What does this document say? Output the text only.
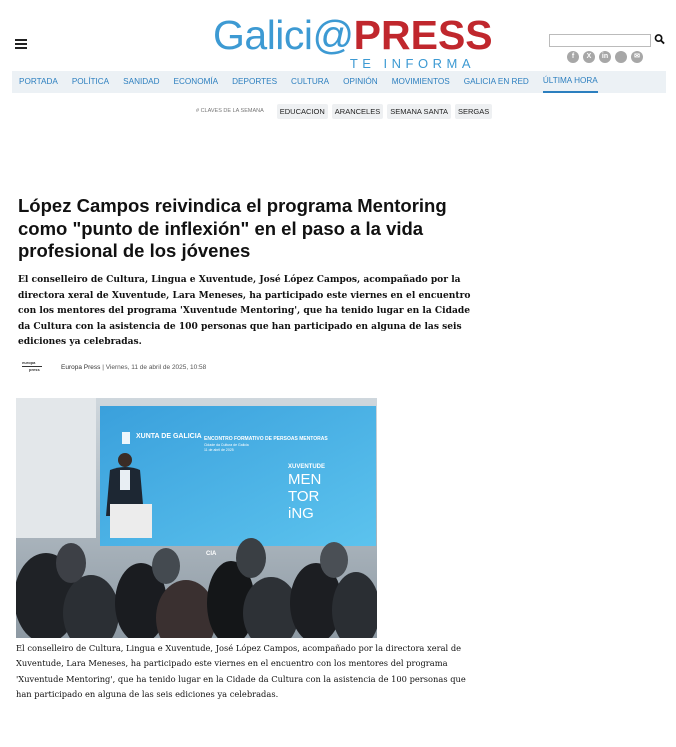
Galici@PRESS
TE INFORMA	f	X	in	✉
PORTADA POLÍTICA SANIDAD ECONOMÍA DEPORTES CULTURA OPINIÓN MOVIMIENTOS GALICIA EN RED ÚLTIMA HORA
# CLAVES DE LA SEMANA	EDUCACION	ARANCELES	SEMANA SANTA	SERGAS
López Campos reivindica el programa Mentoring como "punto de inflexión" en el paso a la vida profesional de los jóvenes

El conselleiro de Cultura, Lingua e Xuventude, José López Campos, acompañado por la directora xeral de Xuventude, Lara Meneses, ha participado este viernes en el encuentro con los mentores del programa 'Xuventude Mentoring', que ha tenido lugar en la Cidade da Cultura con la asistencia de 100 personas que han participado en alguna de las seis ediciones ya celebradas.

europa
press	Europa Press | Viernes, 11 de abril de 2025, 10:58
XUNTA DE GALICIA ENCONTRO FORMATIVO DE PERSOAS MENTORAS
Cidade da Cultura de Galicia
11 de abril de 2025
XUVENTUDE
MEN
TOR
iNG
CIA

El conselleiro de Cultura, Lingua e Xuventude, José López Campos, acompañado por la directora xeral de Xuventude, Lara Meneses, ha participado este viernes en el encuentro con los mentores del programa 'Xuventude Mentoring', que ha tenido lugar en la Cidade da Cultura con la asistencia de 100 personas que han participado en alguna de las seis ediciones ya celebradas.
